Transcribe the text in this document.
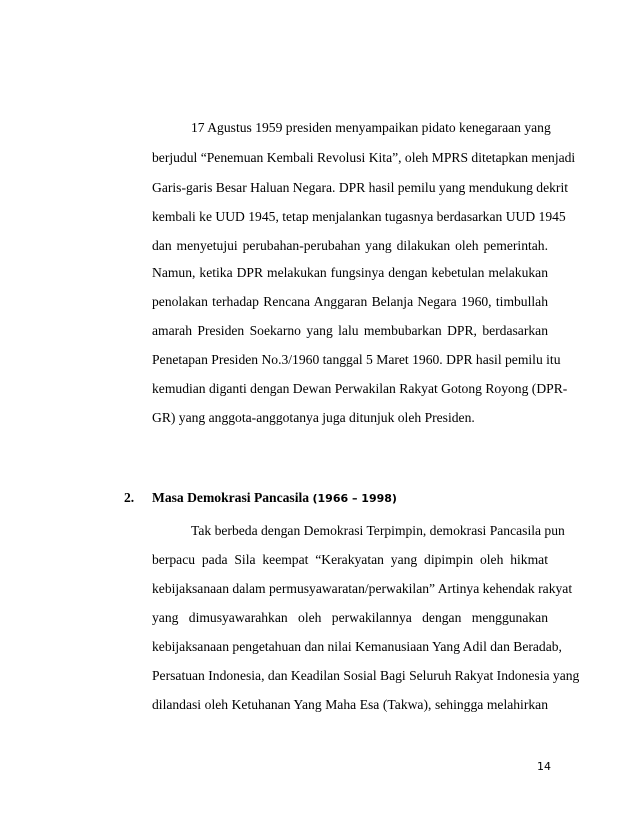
17 Agustus 1959 presiden menyampaikan pidato kenegaraan yang
berjudul “Penemuan Kembali Revolusi Kita”, oleh MPRS ditetapkan menjadi
Garis-garis Besar Haluan Negara. DPR hasil pemilu yang mendukung dekrit
kembali ke UUD 1945, tetap menjalankan tugasnya berdasarkan UUD 1945
dan menyetujui perubahan-perubahan yang dilakukan oleh pemerintah.
Namun, ketika DPR melakukan fungsinya dengan kebetulan melakukan
penolakan terhadap Rencana Anggaran Belanja Negara 1960, timbullah
amarah Presiden Soekarno yang lalu membubarkan DPR, berdasarkan
Penetapan Presiden No.3/1960 tanggal 5 Maret 1960. DPR hasil pemilu itu
kemudian diganti dengan Dewan Perwakilan Rakyat Gotong Royong (DPR-
GR) yang anggota-anggotanya juga ditunjuk oleh Presiden.
2. Masa Demokrasi Pancasila (1966 – 1998)
Tak berbeda dengan Demokrasi Terpimpin, demokrasi Pancasila pun
berpacu pada Sila keempat “Kerakyatan yang dipimpin oleh hikmat
kebijaksanaan dalam permusyawaratan/perwakilan” Artinya kehendak rakyat
yang dimusyawarahkan oleh perwakilannya dengan menggunakan
kebijaksanaan pengetahuan dan nilai Kemanusiaan Yang Adil dan Beradab,
Persatuan Indonesia, dan Keadilan Sosial Bagi Seluruh Rakyat Indonesia yang
dilandasi oleh Ketuhanan Yang Maha Esa (Takwa), sehingga melahirkan
14
